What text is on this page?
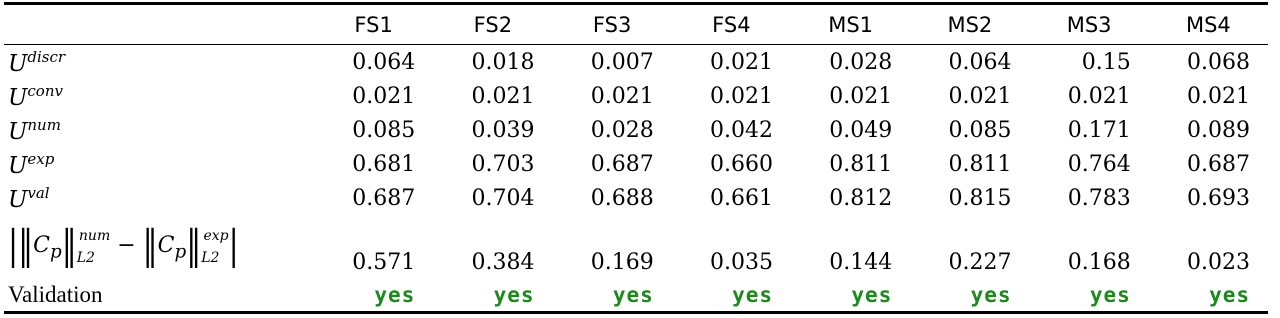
	FS1	FS2	FS3	FS4	MS1	MS2	MS3	MS4
$U^{discr}$	0.064	0.018	0.007	0.021	0.028	0.064	0.15	0.068
$U^{conv}$	0.021	0.021	0.021	0.021	0.021	0.021	0.021	0.021
$U^{num}$	0.085	0.039	0.028	0.042	0.049	0.085	0.171	0.089
$U^{exp}$	0.681	0.703	0.687	0.660	0.811	0.811	0.764	0.687
$U^{val}$	0.687	0.704	0.688	0.661	0.812	0.815	0.783	0.693
$|‖C_p‖_{L2}^{num}$ − $‖C_p‖_{L2}^{exp}|$	0.571	0.384	0.169	0.035	0.144	0.227	0.168	0.023
Validation	yes	yes	yes	yes	yes	yes	yes	yes
